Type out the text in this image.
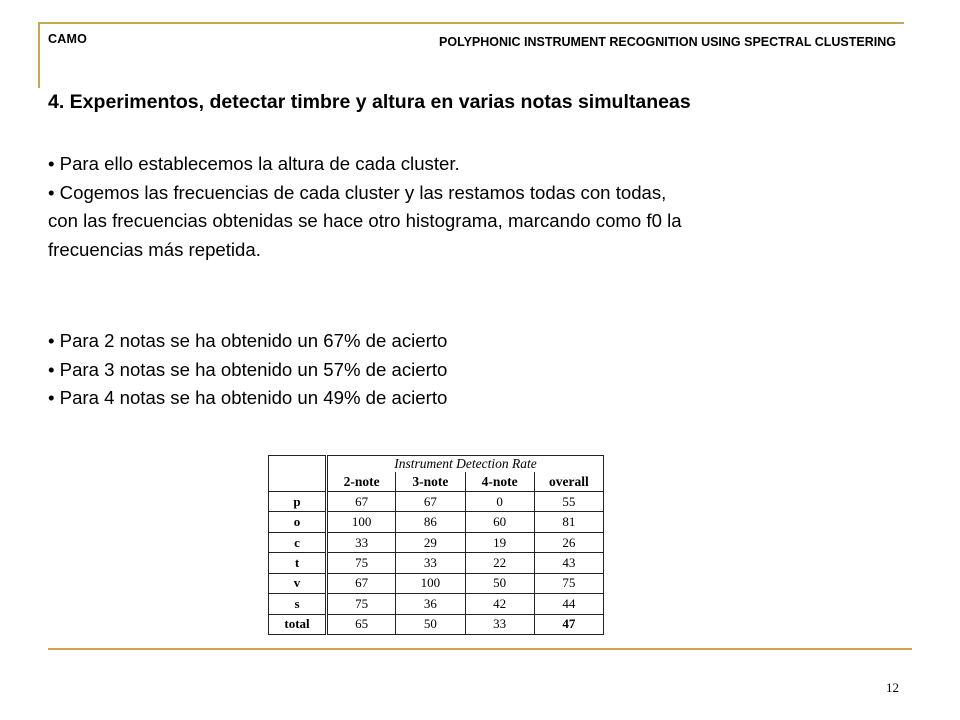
CAMO	POLYPHONIC INSTRUMENT RECOGNITION USING SPECTRAL CLUSTERING
4. Experimentos, detectar timbre y altura en varias notas simultaneas
• Para ello establecemos la altura de cada cluster.
• Cogemos las frecuencias de cada cluster y las restamos todas con todas,
con las frecuencias obtenidas se hace otro histograma, marcando como f0 la
frecuencias más repetida.
• Para 2 notas se ha obtenido un 67% de acierto
• Para 3 notas se ha obtenido un 57% de acierto
• Para 4 notas se ha obtenido un 49% de acierto
	Instrument Detection Rate			
	2-note	3-note	4-note	overall
p	67	67	0	55
o	100	86	60	81
c	33	29	19	26
t	75	33	22	43
v	67	100	50	75
s	75	36	42	44
total	65	50	33	47
12
